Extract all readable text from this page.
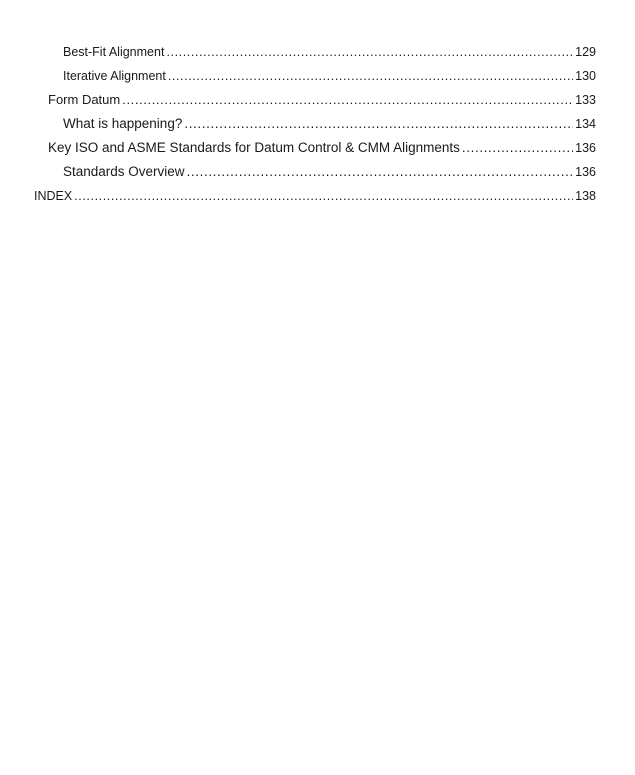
Best-Fit Alignment .....	129
Iterative Alignment .....	130
Form Datum .....	133
What is happening? .....	134
Key ISO and ASME Standards for Datum Control & CMM Alignments .....	136
Standards Overview .....	136
INDEX .....	138
